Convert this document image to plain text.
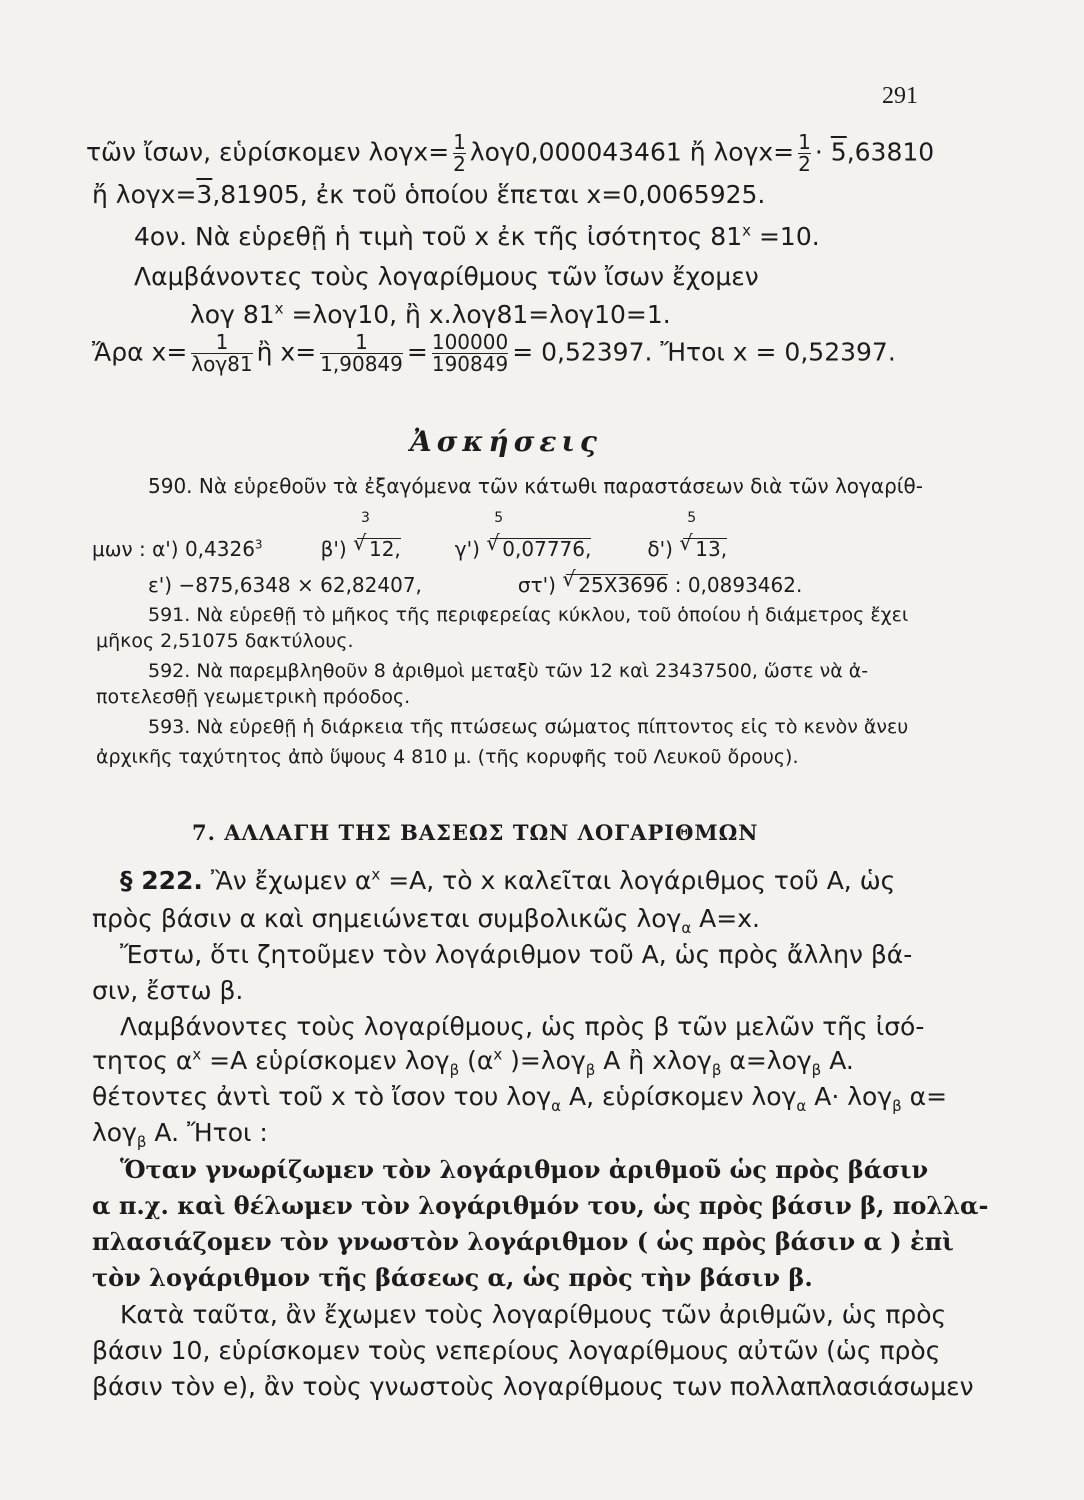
291
τῶν ἴσων, εὑρίσκομεν $\lambda o\gamma x= \frac{1}{2} \lambda o\gamma 0,000043461$ ἤ $\lambda o\gamma x= \frac{1}{2} \cdot 5,63810$
ἤ λογx=3,81905, ἐκ τοῦ ὁποίου ἕπεται x=0,0065925.
4ον. Νὰ εὑρεθῇ ἡ τιμὴ τοῦ x ἐκ τῆς ἰσότητος $81^x =10$.
Λαμβάνοντες τοὺς λογαρίθμους τῶν ἴσων ἔχομεν
λογ $81^x =\lambda o\gamma 10$, ἢ x.λογ81=λογ10=1.
Ἄρα $x= \frac{1}{\text{λογ81}}$ ἢ $x= \frac{1}{1,90849} = \frac{100000}{190849} = 0,52397$. Ἤτοι x = 0,52397.
Ἀσκήσεις
590. Νὰ εὑρεθοῦν τὰ ἐξαγόμενα τῶν κάτωθι παραστάσεων διὰ τῶν λογαρίθ-
μων : α') 0,4326$^3$	β')
√ 3
12,	γ')
√ 5
0,07776,	δ')
√ 5
13,
ε') −875,6348 × 62,82407,	στ') √ 25X3696 : 0,0893462.
591. Νὰ εὑρεθῇ τὸ μῆκος τῆς περιφερείας κύκλου, τοῦ ὁποίου ἡ διάμετρος ἔχει
μῆκος 2,51075 δακτύλους.
592. Νὰ παρεμβληθοῦν 8 ἀριθμοὶ μεταξὺ τῶν 12 καὶ 23437500, ὥστε νὰ ἀ-
ποτελεσθῇ γεωμετρικὴ πρόοδος.
593. Νὰ εὑρεθῇ ἡ διάρκεια τῆς πτώσεως σώματος πίπτοντος εἰς τὸ κενὸν ἄνευ
ἀρχικῆς ταχύτητος ἀπὸ ὕψους 4 810 μ. (τῆς κορυφῆς τοῦ Λευκοῦ ὄρους).
7. ΑΛΛΑΓΗ ΤΗΣ ΒΑΣΕΩΣ ΤΩΝ ΛΟΓΑΡΙΘΜΩΝ
§ 222. Ἂν ἔχωμεν $\alpha^x =A$, τὸ x καλεῖται λογάριθμος τοῦ A, ὡς
πρὸς βάσιν α καὶ σημειώνεται συμβολικῶς λογ$_\alpha$ A=x.
Ἔστω, ὅτι ζητοῦμεν τὸν λογάριθμον τοῦ A, ὡς πρὸς ἄλλην βά-
σιν, ἔστω β.
Λαμβάνοντες τοὺς λογαρίθμους, ὡς πρὸς β τῶν μελῶν τῆς ἰσό-
τητος $\alpha^x =A$ εὑρίσκομεν λογ$_\beta$ ($\alpha^x$ )=λογ$_\beta$ A ἢ xλογ$_\beta$ α=λογ$_\beta$ A.
θέτοντες ἀντὶ τοῦ x τὸ ἴσον του λογ$_\alpha$ A, εὑρίσκομεν λογ$_\alpha$ A· λογ$_\beta$ α=
λογ$_\beta$ A. Ἤτοι :
Ὅταν γνωρίζωμεν τὸν λογάριθμον ἀριθμοῦ ὡς πρὸς βάσιν
α π.χ. καὶ θέλωμεν τὸν λογάριθμόν του, ὡς πρὸς βάσιν β, πολλα-
πλασιάζομεν τὸν γνωστὸν λογάριθμον ( ὡς πρὸς βάσιν α ) ἐπὶ
τὸν λογάριθμον τῆς βάσεως α, ὡς πρὸς τὴν βάσιν β.
Κατὰ ταῦτα, ἂν ἔχωμεν τοὺς λογαρίθμους τῶν ἀριθμῶν, ὡς πρὸς
βάσιν 10, εὑρίσκομεν τοὺς νεπερίους λογαρίθμους αὐτῶν (ὡς πρὸς
βάσιν τὸν e), ἂν τοὺς γνωστοὺς λογαρίθμους των πολλαπλασιάσωμεν
